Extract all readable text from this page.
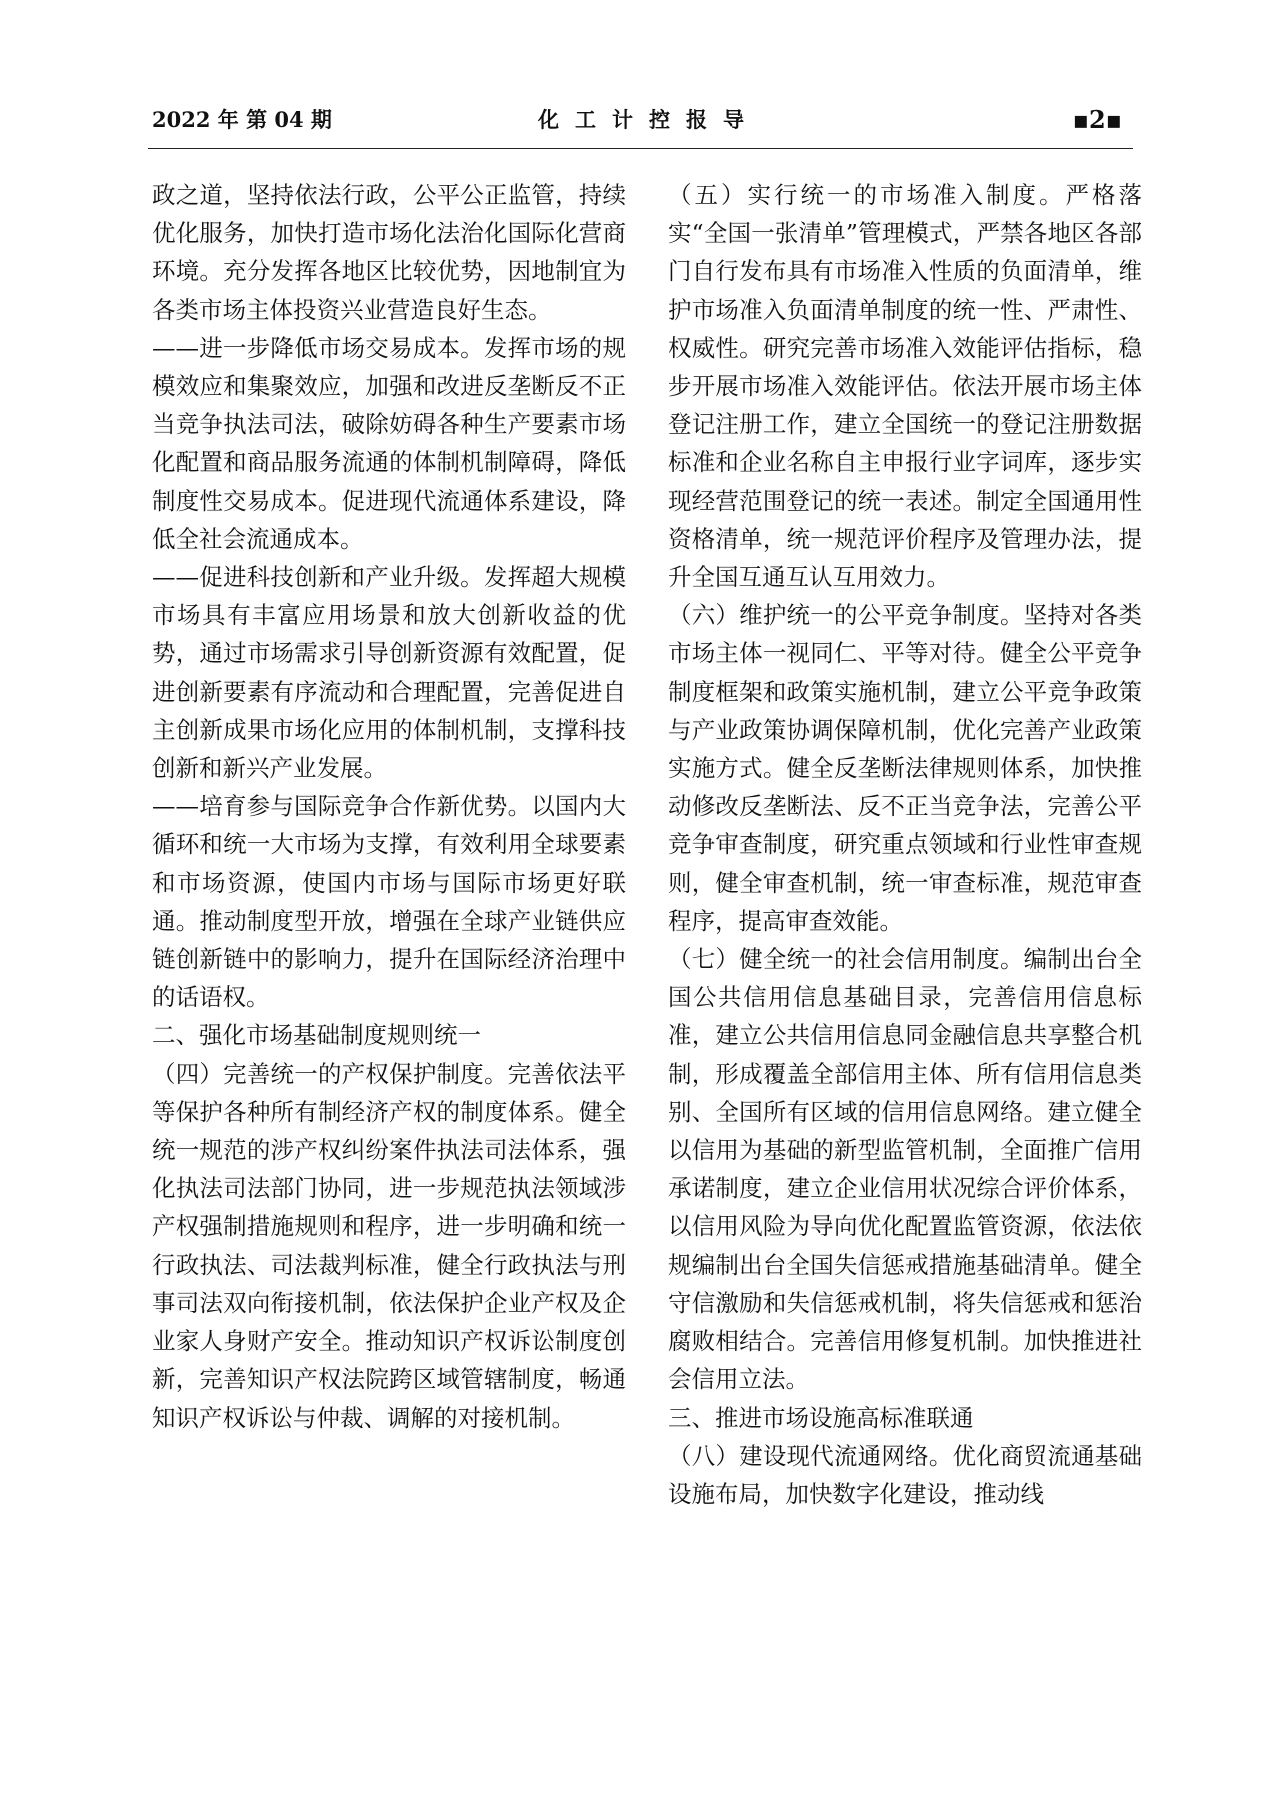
2022 年 第 04 期	化工计控报导	▪2▪

政之道，坚持依法行政，公平公正监管，持续优化服务，加快打造市场化法治化国际化营商环境。充分发挥各地区比较优势，因地制宜为各类市场主体投资兴业营造良好生态。

——进一步降低市场交易成本。发挥市场的规模效应和集聚效应，加强和改进反垄断反不正当竞争执法司法，破除妨碍各种生产要素市场化配置和商品服务流通的体制机制障碍，降低制度性交易成本。促进现代流通体系建设，降低全社会流通成本。

——促进科技创新和产业升级。发挥超大规模市场具有丰富应用场景和放大创新收益的优势，通过市场需求引导创新资源有效配置，促进创新要素有序流动和合理配置，完善促进自主创新成果市场化应用的体制机制，支撑科技创新和新兴产业发展。

——培育参与国际竞争合作新优势。以国内大循环和统一大市场为支撑，有效利用全球要素和市场资源，使国内市场与国际市场更好联通。推动制度型开放，增强在全球产业链供应链创新链中的影响力，提升在国际经济治理中的话语权。

二、强化市场基础制度规则统一

（四）完善统一的产权保护制度。完善依法平等保护各种所有制经济产权的制度体系。健全统一规范的涉产权纠纷案件执法司法体系，强化执法司法部门协同，进一步规范执法领域涉产权强制措施规则和程序，进一步明确和统一行政执法、司法裁判标准，健全行政执法与刑事司法双向衔接机制，依法保护企业产权及企业家人身财产安全。推动知识产权诉讼制度创新，完善知识产权法院跨区域管辖制度，畅通知识产权诉讼与仲裁、调解的对接机制。

（五）实行统一的市场准入制度。严格落实“全国一张清单”管理模式，严禁各地区各部门自行发布具有市场准入性质的负面清单，维护市场准入负面清单制度的统一性、严肃性、权威性。研究完善市场准入效能评估指标，稳步开展市场准入效能评估。依法开展市场主体登记注册工作，建立全国统一的登记注册数据标准和企业名称自主申报行业字词库，逐步实现经营范围登记的统一表述。制定全国通用性资格清单，统一规范评价程序及管理办法，提升全国互通互认互用效力。

（六）维护统一的公平竞争制度。坚持对各类市场主体一视同仁、平等对待。健全公平竞争制度框架和政策实施机制，建立公平竞争政策与产业政策协调保障机制，优化完善产业政策实施方式。健全反垄断法律规则体系，加快推动修改反垄断法、反不正当竞争法，完善公平竞争审查制度，研究重点领域和行业性审查规则，健全审查机制，统一审查标准，规范审查程序，提高审查效能。

（七）健全统一的社会信用制度。编制出台全国公共信用信息基础目录，完善信用信息标准，建立公共信用信息同金融信息共享整合机制，形成覆盖全部信用主体、所有信用信息类别、全国所有区域的信用信息网络。建立健全以信用为基础的新型监管机制，全面推广信用承诺制度，建立企业信用状况综合评价体系，以信用风险为导向优化配置监管资源，依法依规编制出台全国失信惩戒措施基础清单。健全守信激励和失信惩戒机制，将失信惩戒和惩治腐败相结合。完善信用修复机制。加快推进社会信用立法。

三、推进市场设施高标准联通

（八）建设现代流通网络。优化商贸流通基础设施布局，加快数字化建设，推动线
